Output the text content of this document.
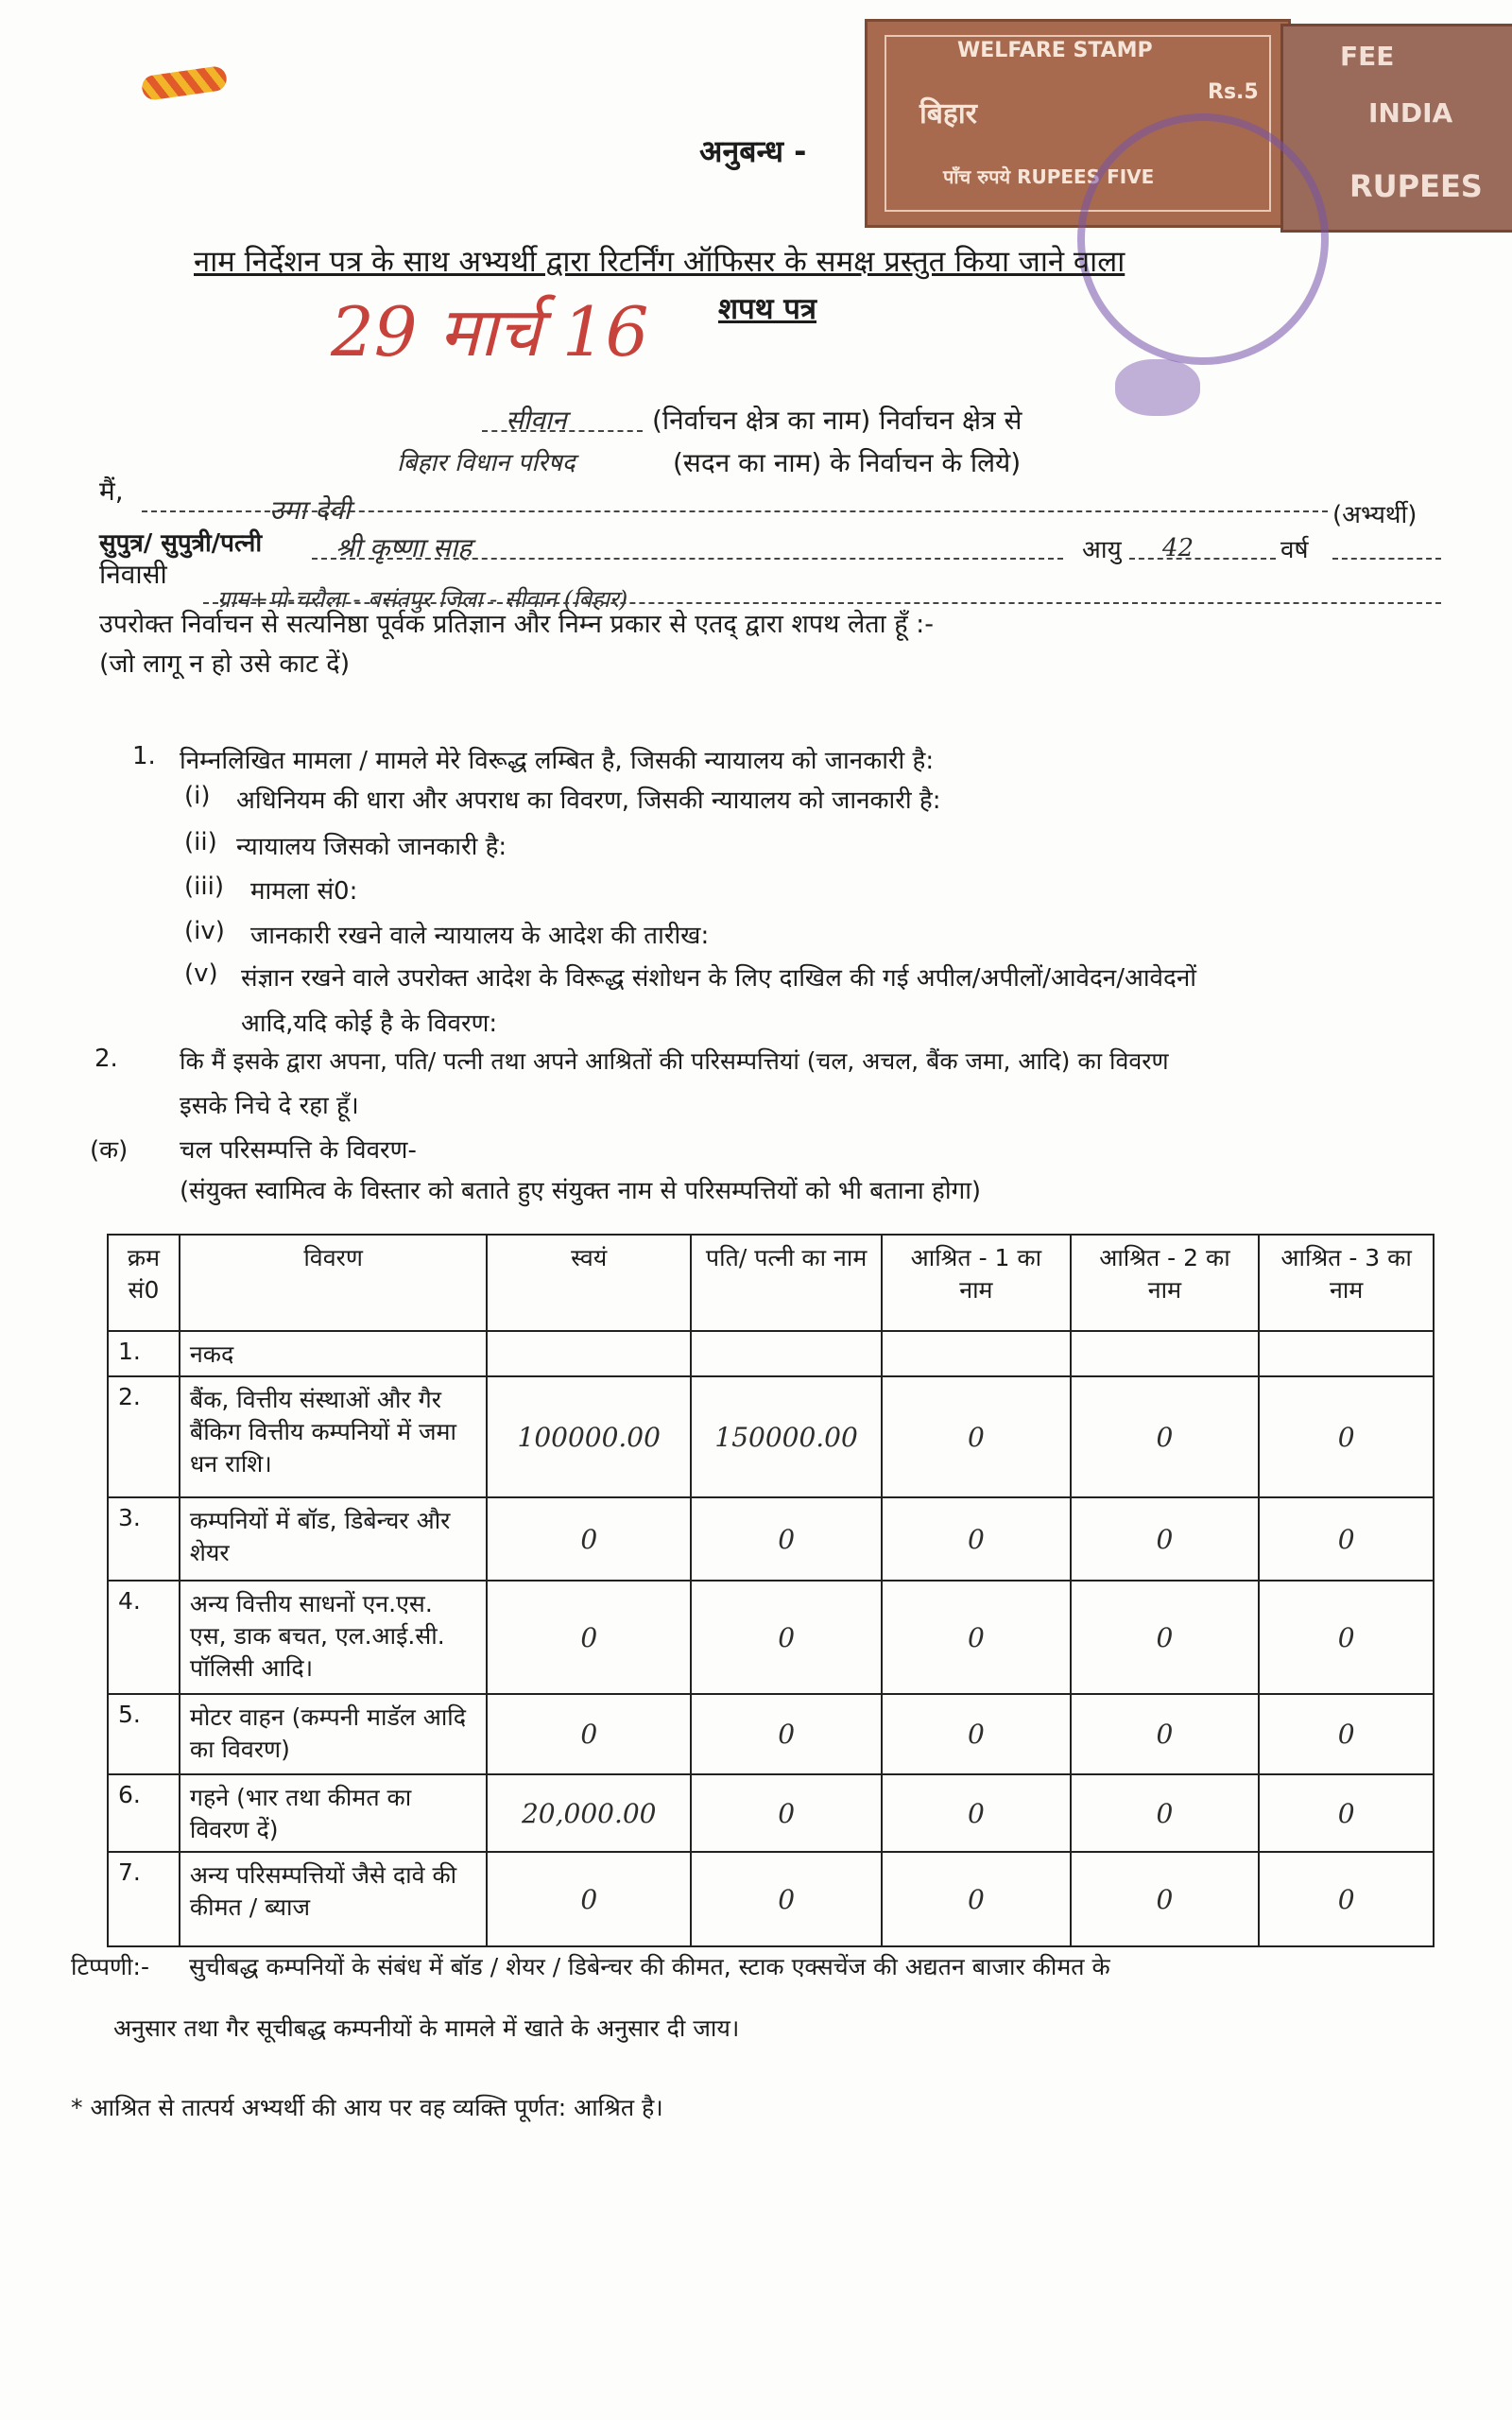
WELFARE STAMP
Rs.5
बिहार
पाँच रुपये RUPEES FIVE
FEE
INDIA
RUPEES
अनुबन्ध -
नाम निर्देशन पत्र के साथ अभ्यर्थी द्वारा रिटर्निंग ऑफिसर के समक्ष प्रस्तुत किया जाने वाला
शपथ पत्र
29 मार्च 16
सीवान	(निर्वाचन क्षेत्र का नाम) निर्वाचन क्षेत्र से
बिहार विधान परिषद	(सदन का नाम) के निर्वाचन के लिये)
मैं,
उमा देवी	(अभ्यर्थी)
सुपुत्र/ सुपुत्री/पत्नी	श्री कृष्णा साह	आयु 42	वर्ष
निवासी
ग्राम+पो-चरौला - बसंतपुर जिला - सीवान (बिहार)
उपरोक्त निर्वाचन से सत्यनिष्ठा पूर्वक प्रतिज्ञान और निम्न प्रकार से एतद् द्वारा शपथ लेता हूँ :-
(जो लागू न हो उसे काट दें)
1. निम्नलिखित मामला / मामले मेरे विरूद्ध लम्बित है, जिसकी न्यायालय को जानकारी है:
(i) अधिनियम की धारा और अपराध का विवरण, जिसकी न्यायालय को जानकारी है:
(ii) न्यायालय जिसको जानकारी है:
(iii) मामला सं0:
(iv) जानकारी रखने वाले न्यायालय के आदेश की तारीख:
(v) संज्ञान रखने वाले उपरोक्त आदेश के विरूद्ध संशोधन के लिए दाखिल की गई अपील/अपीलों/आवेदन/आवेदनों
आदि,यदि कोई है के विवरण:
2.	कि मैं इसके द्वारा अपना, पति/ पत्नी तथा अपने आश्रितों की परिसम्पत्तियां (चल, अचल, बैंक जमा, आदि) का विवरण
इसके निचे दे रहा हूँ।
(क) चल परिसम्पत्ति के विवरण-
(संयुक्त स्वामित्व के विस्तार को बताते हुए संयुक्त नाम से परिसम्पत्तियों को भी बताना होगा)
क्रम सं0	विवरण	स्वयं	पति/ पत्नी का नाम	आश्रित - 1 का नाम	आश्रित - 2 का नाम	आश्रित - 3 का नाम
1.	नकद					
2.	बैंक, वित्तीय संस्थाओं और गैर बैंकिग वित्तीय कम्पनियों में जमा धन राशि।	100000.00	150000.00	0	0	0
3.	कम्पनियों में बॉड, डिबेन्चर और शेयर	0	0	0	0	0
4.	अन्य वित्तीय साधनों एन.एस. एस, डाक बचत, एल.आई.सी. पॉलिसी आदि।	0	0	0	0	0
5.	मोटर वाहन (कम्पनी माडॅल आदि का विवरण)	0	0	0	0	0
6.	गहने (भार तथा कीमत का विवरण दें)	20,000.00	0	0	0	0
7.	अन्य परिसम्पत्तियों जैसे दावे की कीमत / ब्याज	0	0	0	0	0
टिप्पणी:- सुचीबद्ध कम्पनियों के संबंध में बॉड / शेयर / डिबेन्चर की कीमत, स्टाक एक्सचेंज की अद्यतन बाजार कीमत के
अनुसार तथा गैर सूचीबद्ध कम्पनीयों के मामले में खाते के अनुसार दी जाय।
* आश्रित से तात्पर्य अभ्यर्थी की आय पर वह व्यक्ति पूर्णत: आश्रित है।
